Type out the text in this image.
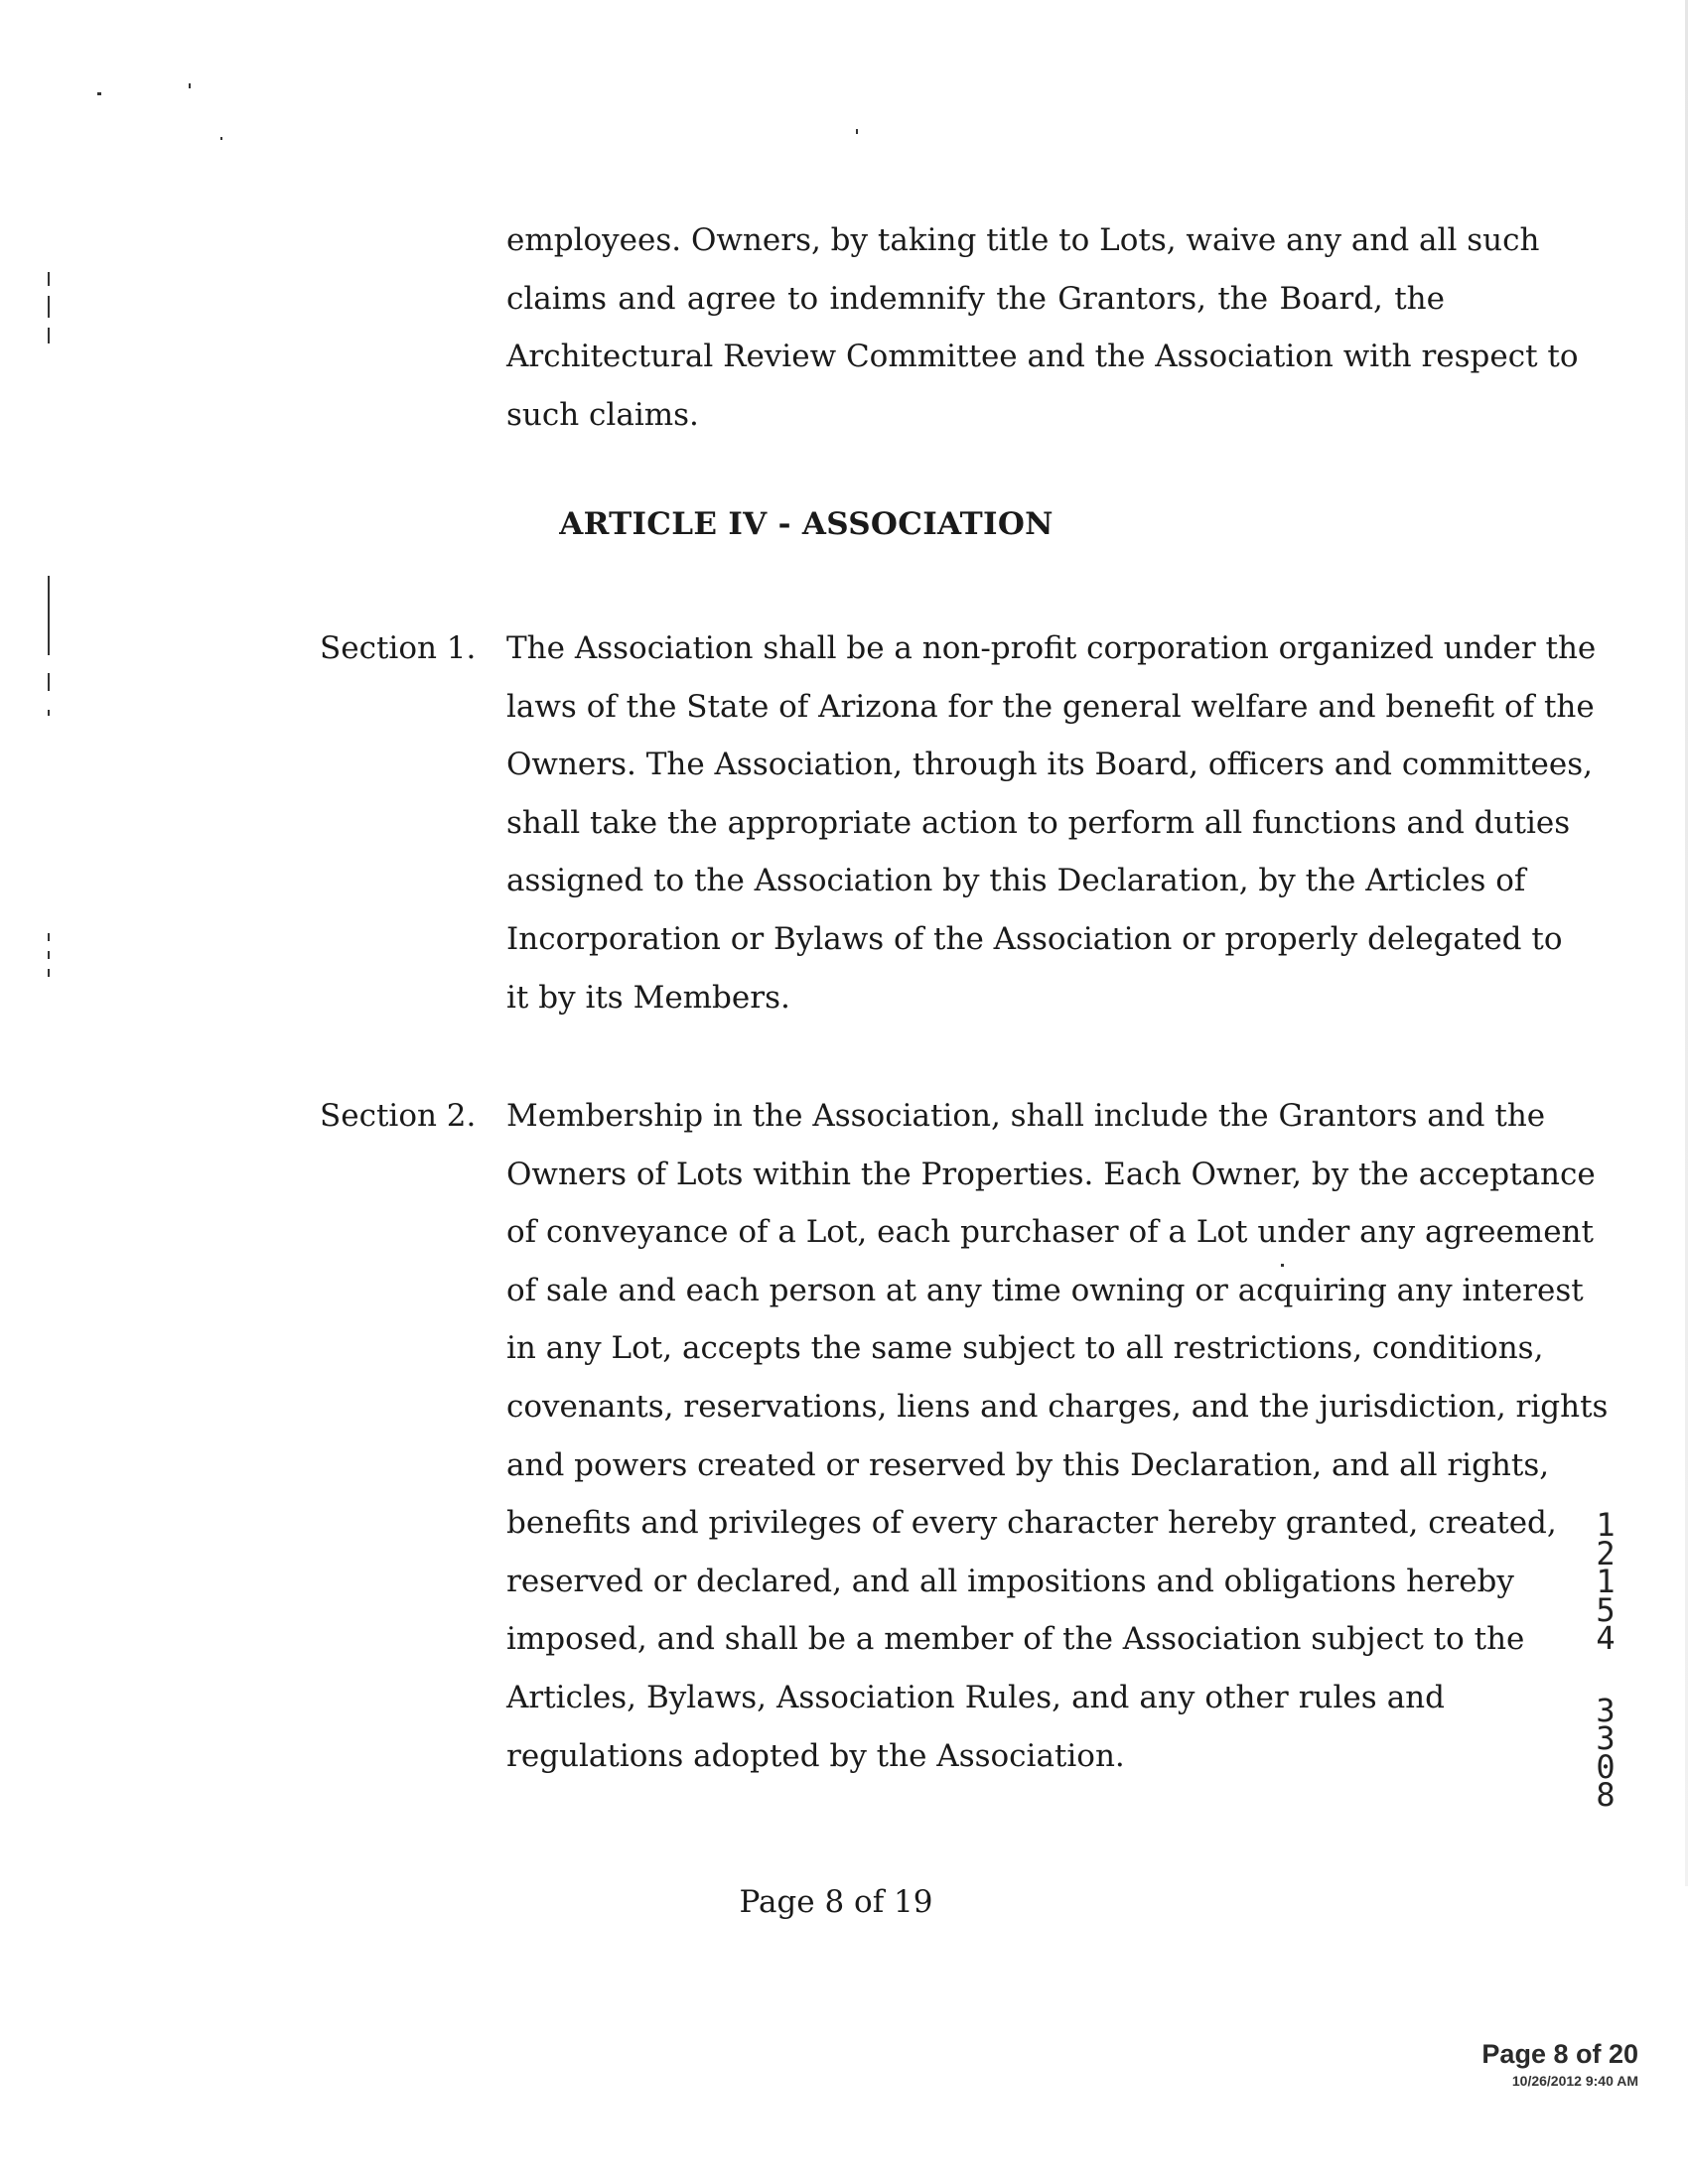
employees. Owners, by taking title to Lots, waive any and all such
claims and agree to indemnify the Grantors, the Board, the
Architectural Review Committee and the Association with respect to
such claims.
ARTICLE IV - ASSOCIATION
Section 1. The Association shall be a non-profit corporation organized under the
laws of the State of Arizona for the general welfare and benefit of the
Owners. The Association, through its Board, officers and committees,
shall take the appropriate action to perform all functions and duties
assigned to the Association by this Declaration, by the Articles of
Incorporation or Bylaws of the Association or properly delegated to
it by its Members.
Section 2. Membership in the Association, shall include the Grantors and the
Owners of Lots within the Properties. Each Owner, by the acceptance
of conveyance of a Lot, each purchaser of a Lot under any agreement
of sale and each person at any time owning or acquiring any interest
in any Lot, accepts the same subject to all restrictions, conditions,
covenants, reservations, liens and charges, and the jurisdiction, rights
and powers created or reserved by this Declaration, and all rights,
benefits and privileges of every character hereby granted, created,
reserved or declared, and all impositions and obligations hereby
imposed, and shall be a member of the Association subject to the
Articles, Bylaws, Association Rules, and any other rules and
regulations adopted by the Association.
1
2
1
5
4
3
3
0
8
Page 8 of 19
Page 8 of 20
10/26/2012 9:40 AM
